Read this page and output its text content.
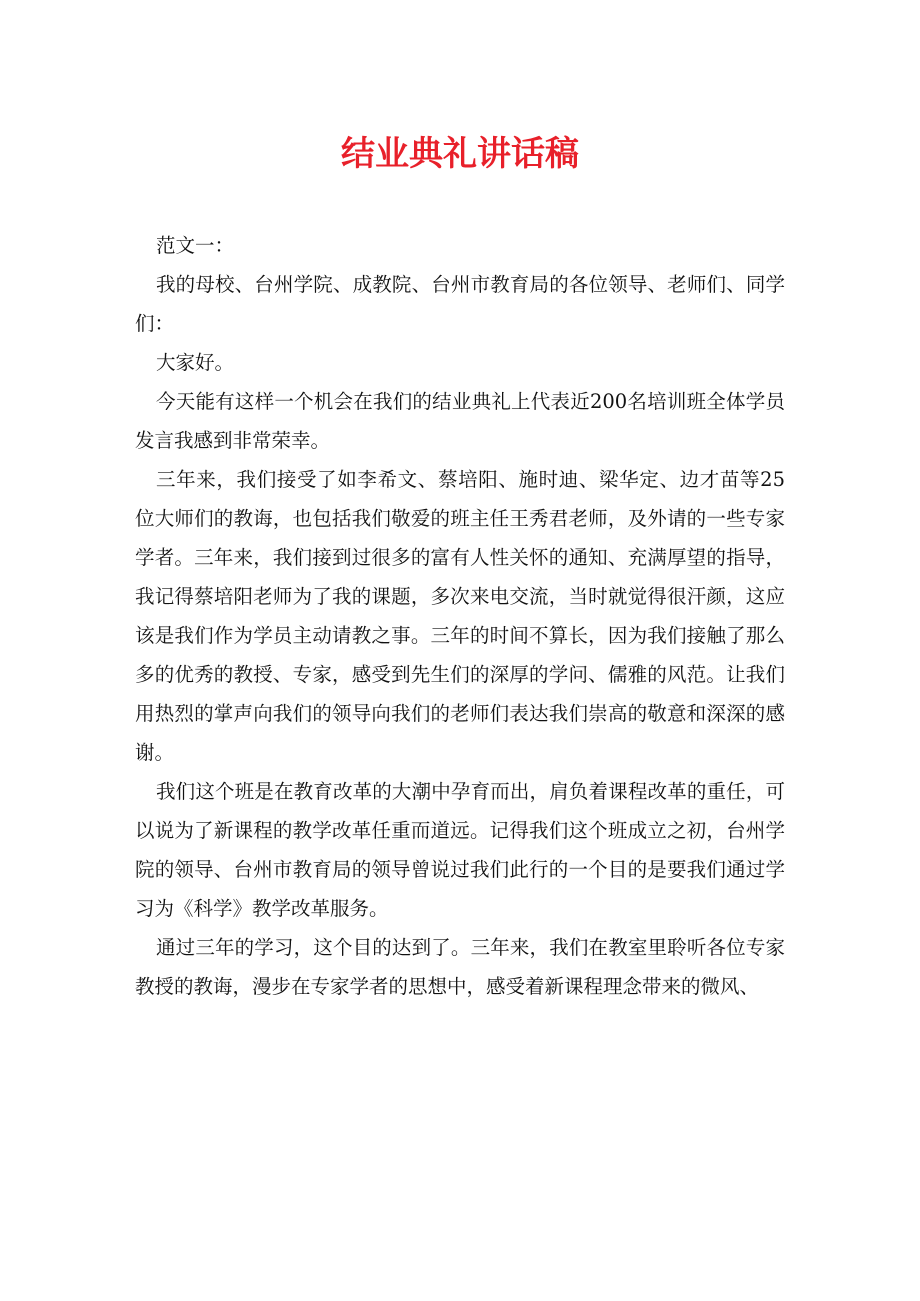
结业典礼讲话稿

范文一：

我的母校、台州学院、成教院、台州市教育局的各位领导、老师们、同学们：

大家好。

今天能有这样一个机会在我们的结业典礼上代表近200名培训班全体学员发言我感到非常荣幸。

三年来，我们接受了如李希文、蔡培阳、施时迪、梁华定、边才苗等25位大师们的教诲，也包括我们敬爱的班主任王秀君老师，及外请的一些专家学者。三年来，我们接到过很多的富有人性关怀的通知、充满厚望的指导，我记得蔡培阳老师为了我的课题，多次来电交流，当时就觉得很汗颜，这应该是我们作为学员主动请教之事。三年的时间不算长，因为我们接触了那么多的优秀的教授、专家，感受到先生们的深厚的学问、儒雅的风范。让我们用热烈的掌声向我们的领导向我们的老师们表达我们崇高的敬意和深深的感谢。

我们这个班是在教育改革的大潮中孕育而出，肩负着课程改革的重任，可以说为了新课程的教学改革任重而道远。记得我们这个班成立之初，台州学院的领导、台州市教育局的领导曾说过我们此行的一个目的是要我们通过学习为《科学》教学改革服务。

通过三年的学习，这个目的达到了。三年来，我们在教室里聆听各位专家教授的教诲，漫步在专家学者的思想中，感受着新课程理念带来的微风、
